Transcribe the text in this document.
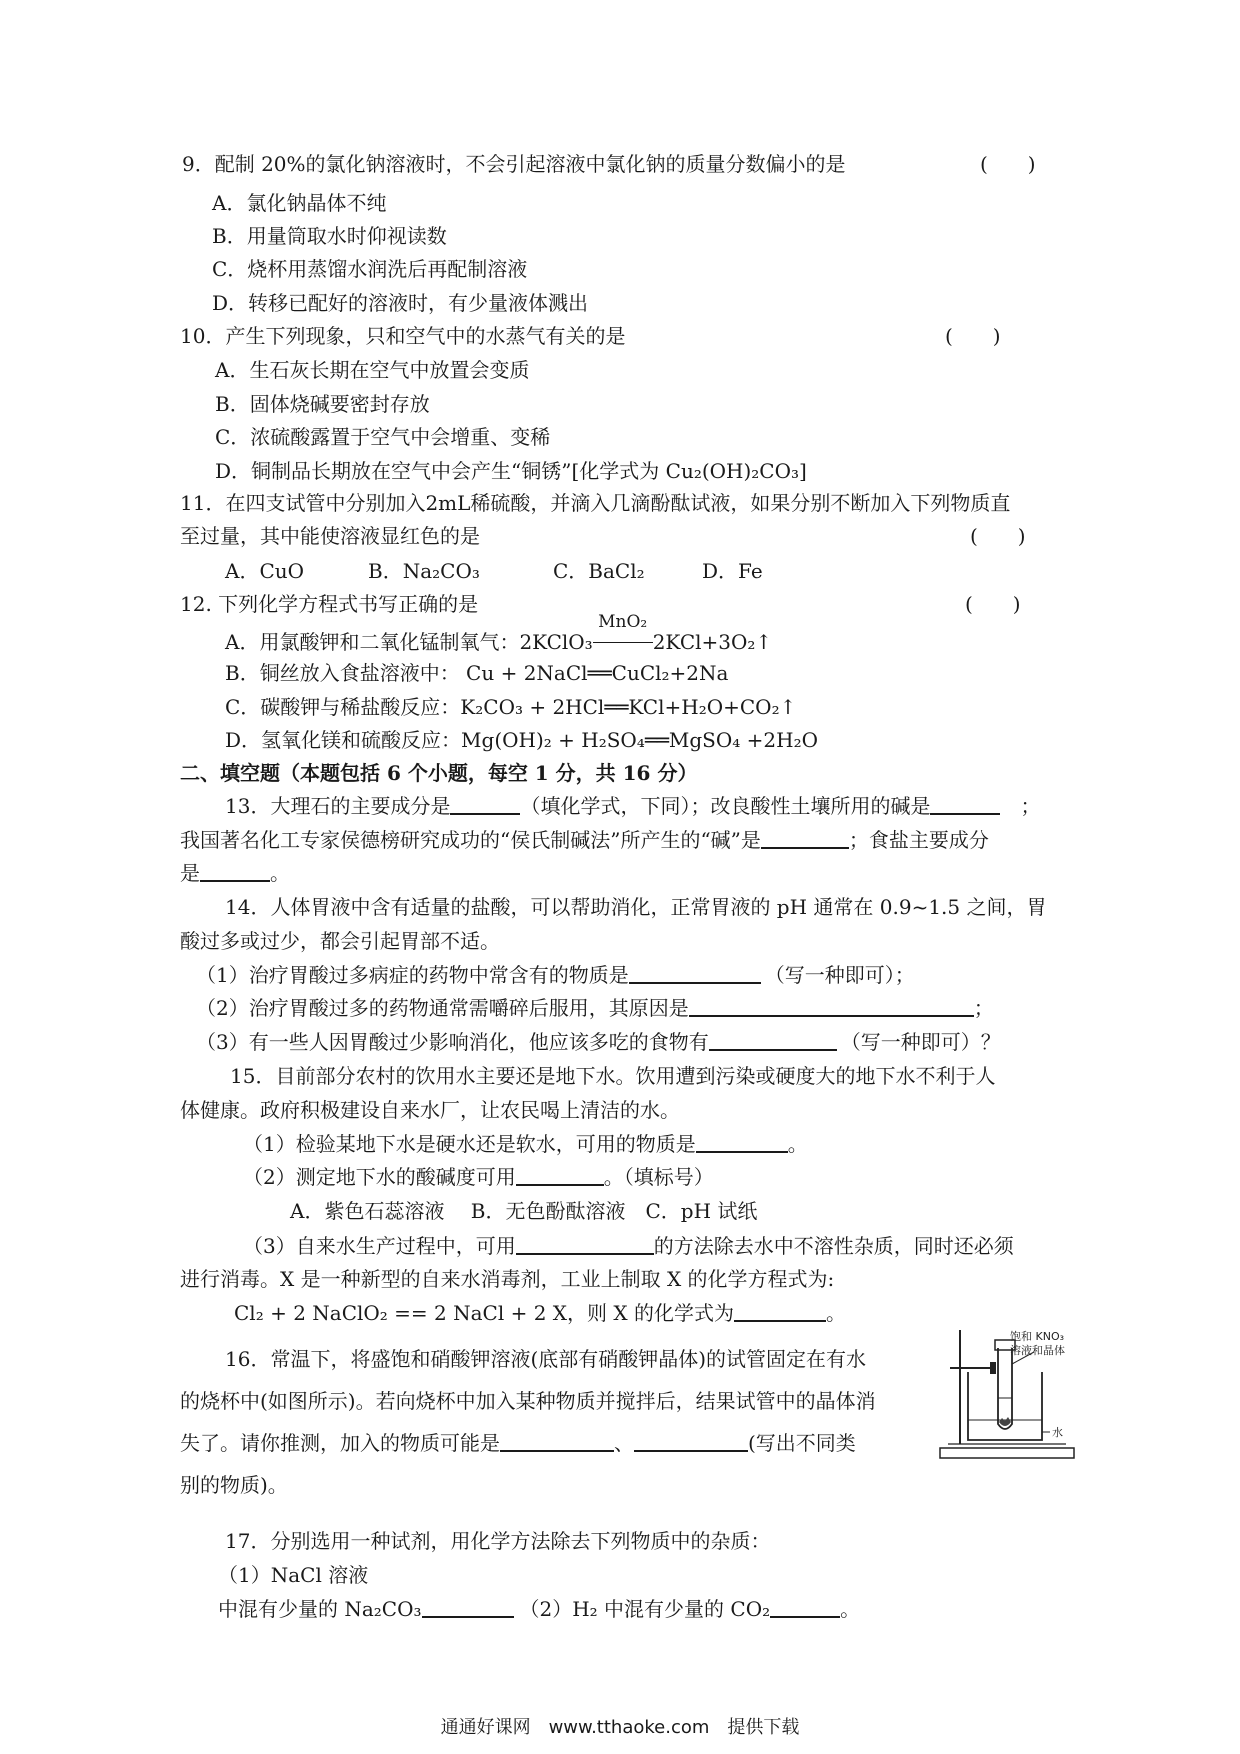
9．配制 20%的氯化钠溶液时，不会引起溶液中氯化钠的质量分数偏小的是	(　　)
A．氯化钠晶体不纯
B．用量筒取水时仰视读数
C．烧杯用蒸馏水润洗后再配制溶液
D．转移已配好的溶液时，有少量液体溅出
10．产生下列现象，只和空气中的水蒸气有关的是	(　　)
A．生石灰长期在空气中放置会变质
B．固体烧碱要密封存放
C．浓硫酸露置于空气中会增重、变稀
D．铜制品长期放在空气中会产生“铜锈”[化学式为 Cu₂(OH)₂CO₃]
11．在四支试管中分别加入2mL稀硫酸，并滴入几滴酚酞试液，如果分别不断加入下列物质直
至过量，其中能使溶液显红色的是	(　　)
A．CuO	B．Na₂CO₃	C．BaCl₂	D．Fe
12. 下列化学方程式书写正确的是	(　　)
A．用氯酸钾和二氧化锰制氧气：2KClO₃
MnO₂
2KCl+3O₂↑
B．铜丝放入食盐溶液中： Cu + 2NaCl══CuCl₂+2Na
C．碳酸钾与稀盐酸反应：K₂CO₃ + 2HCl══KCl+H₂O+CO₂↑
D．氢氧化镁和硫酸反应：Mg(OH)₂ + H₂SO₄══MgSO₄ +2H₂O
二、填空题（本题包括 6 个小题，每空 1 分，共 16 分）
13．大理石的主要成分是	（填化学式，下同）；改良酸性土壤所用的碱是	；
我国著名化工专家侯德榜研究成功的“侯氏制碱法”所产生的“碱”是	；食盐主要成分
是	。
14．人体胃液中含有适量的盐酸，可以帮助消化，正常胃液的 pH 通常在 0.9~1.5 之间，胃
酸过多或过少，都会引起胃部不适。
（1）治疗胃酸过多病症的药物中常含有的物质是	（写一种即可）；
（2）治疗胃酸过多的药物通常需嚼碎后服用，其原因是	；
（3）有一些人因胃酸过少影响消化，他应该多吃的食物有	（写一种即可）？
15．目前部分农村的饮用水主要还是地下水。饮用遭到污染或硬度大的地下水不利于人
体健康。政府积极建设自来水厂，让农民喝上清洁的水。
（1）检验某地下水是硬水还是软水，可用的物质是	。
（2）测定地下水的酸碱度可用	。（填标号）
A．紫色石蕊溶液　 B．无色酚酞溶液　C．pH 试纸
（3）自来水生产过程中，可用	的方法除去水中不溶性杂质，同时还必须
进行消毒。X 是一种新型的自来水消毒剂，工业上制取 X 的化学方程式为:
Cl₂ + 2 NaClO₂ == 2 NaCl + 2 X，则 X 的化学式为	。
16．常温下，将盛饱和硝酸钾溶液(底部有硝酸钾晶体)的试管固定在有水
的烧杯中(如图所示)。若向烧杯中加入某种物质并搅拌后，结果试管中的晶体消
失了。请你推测，加入的物质可能是	、	(写出不同类
别的物质)。
饱和 KNO₃
溶液和晶体
水
17．分别选用一种试剂，用化学方法除去下列物质中的杂质：
（1）NaCl 溶液
中混有少量的 Na₂CO₃	（2）H₂ 中混有少量的 CO₂	。
通通好课网　www.tthaoke.com　提供下载
